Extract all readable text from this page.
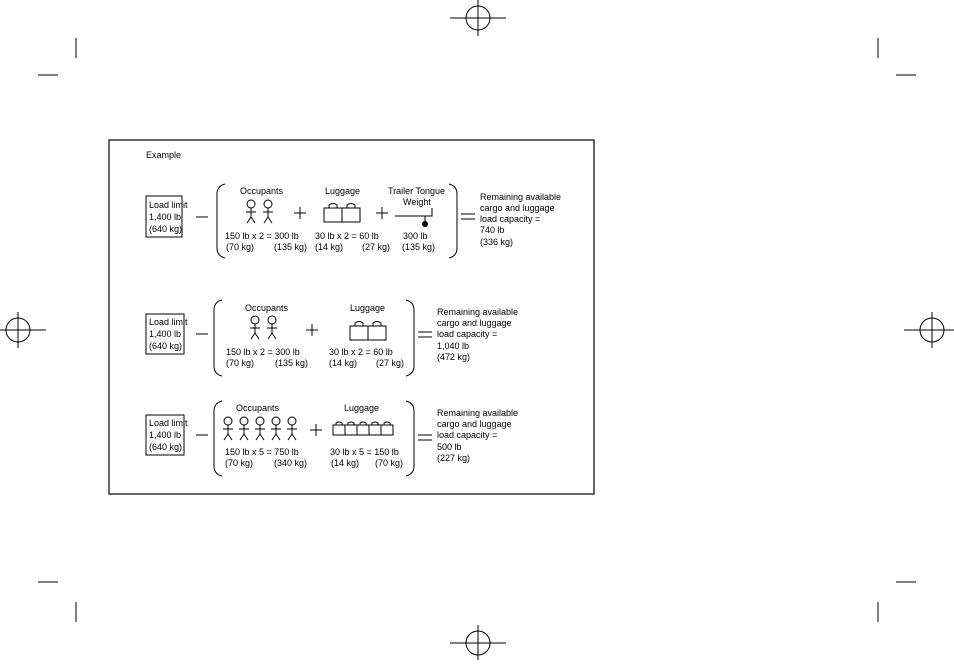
Example
Load limit
1,400 lb
(640 kg)
Occupants	Luggage	Trailer Tongue
Weight
150 lb x 2 = 300 lb
(70 kg) (135 kg)
30 lb x 2 = 60 lb
(14 kg) (27 kg)
300 lb
(135 kg)
Remaining available
cargo and luggage
load capacity =
740 lb
(336 kg)
Load limit
1,400 lb
(640 kg)
Occupants	Luggage
150 lb x 2 = 300 lb
(70 kg) (135 kg)
30 lb x 2 = 60 lb
(14 kg) (27 kg)
Remaining available
cargo and luggage
load capacity =
1,040 lb
(472 kg)
Load limit
1,400 lb
(640 kg)
Occupants	Luggage
150 lb x 5 = 750 lb
(70 kg) (340 kg)
30 lb x 5 = 150 lb
(14 kg) (70 kg)
Remaining available
cargo and luggage
load capacity =
500 lb
(227 kg)
